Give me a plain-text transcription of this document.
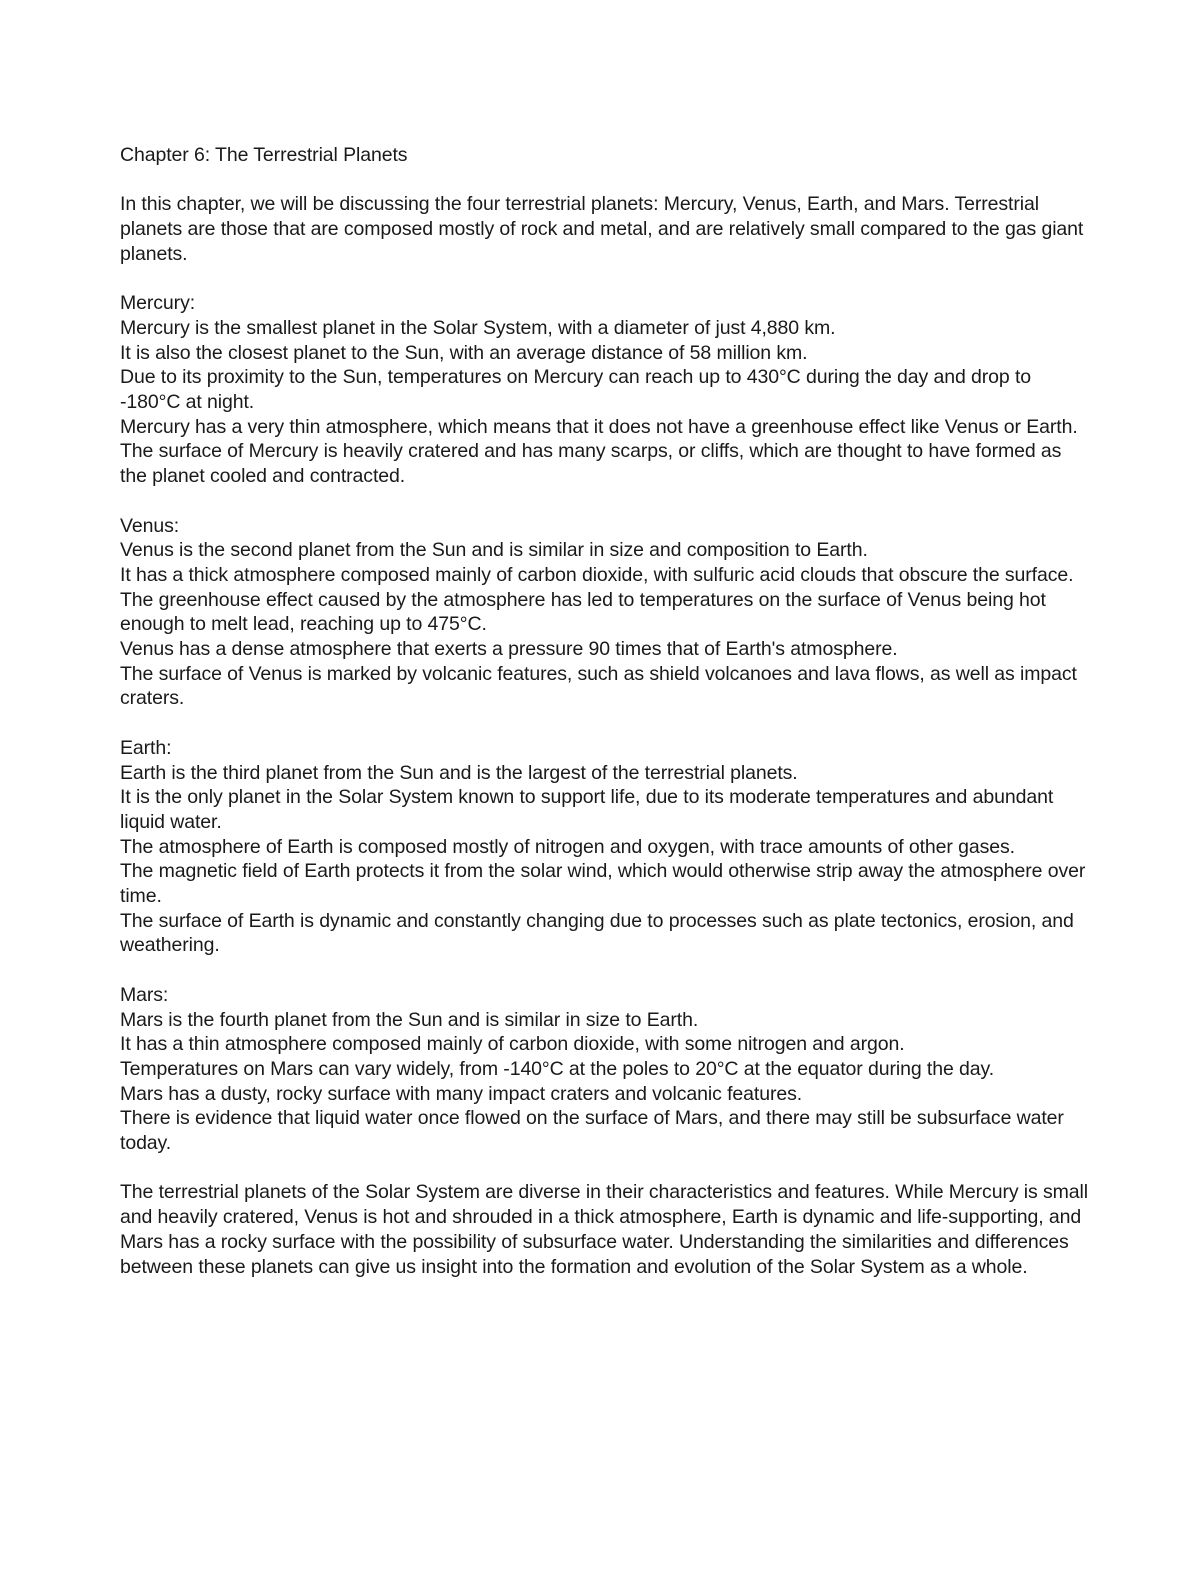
Chapter 6: The Terrestrial Planets

In this chapter, we will be discussing the four terrestrial planets: Mercury, Venus, Earth, and Mars. Terrestrial planets are those that are composed mostly of rock and metal, and are relatively small compared to the gas giant planets.

Mercury:

Mercury is the smallest planet in the Solar System, with a diameter of just 4,880 km.

It is also the closest planet to the Sun, with an average distance of 58 million km.

Due to its proximity to the Sun, temperatures on Mercury can reach up to 430°C during the day and drop to -180°C at night.

Mercury has a very thin atmosphere, which means that it does not have a greenhouse effect like Venus or Earth.

The surface of Mercury is heavily cratered and has many scarps, or cliffs, which are thought to have formed as the planet cooled and contracted.

Venus:

Venus is the second planet from the Sun and is similar in size and composition to Earth.

It has a thick atmosphere composed mainly of carbon dioxide, with sulfuric acid clouds that obscure the surface.

The greenhouse effect caused by the atmosphere has led to temperatures on the surface of Venus being hot enough to melt lead, reaching up to 475°C.

Venus has a dense atmosphere that exerts a pressure 90 times that of Earth's atmosphere.

The surface of Venus is marked by volcanic features, such as shield volcanoes and lava flows, as well as impact craters.

Earth:

Earth is the third planet from the Sun and is the largest of the terrestrial planets.

It is the only planet in the Solar System known to support life, due to its moderate temperatures and abundant liquid water.

The atmosphere of Earth is composed mostly of nitrogen and oxygen, with trace amounts of other gases.

The magnetic field of Earth protects it from the solar wind, which would otherwise strip away the atmosphere over time.

The surface of Earth is dynamic and constantly changing due to processes such as plate tectonics, erosion, and weathering.

Mars:

Mars is the fourth planet from the Sun and is similar in size to Earth.

It has a thin atmosphere composed mainly of carbon dioxide, with some nitrogen and argon.

Temperatures on Mars can vary widely, from -140°C at the poles to 20°C at the equator during the day.

Mars has a dusty, rocky surface with many impact craters and volcanic features.

There is evidence that liquid water once flowed on the surface of Mars, and there may still be subsurface water today.

The terrestrial planets of the Solar System are diverse in their characteristics and features. While Mercury is small and heavily cratered, Venus is hot and shrouded in a thick atmosphere, Earth is dynamic and life-supporting, and Mars has a rocky surface with the possibility of subsurface water. Understanding the similarities and differences between these planets can give us insight into the formation and evolution of the Solar System as a whole.
